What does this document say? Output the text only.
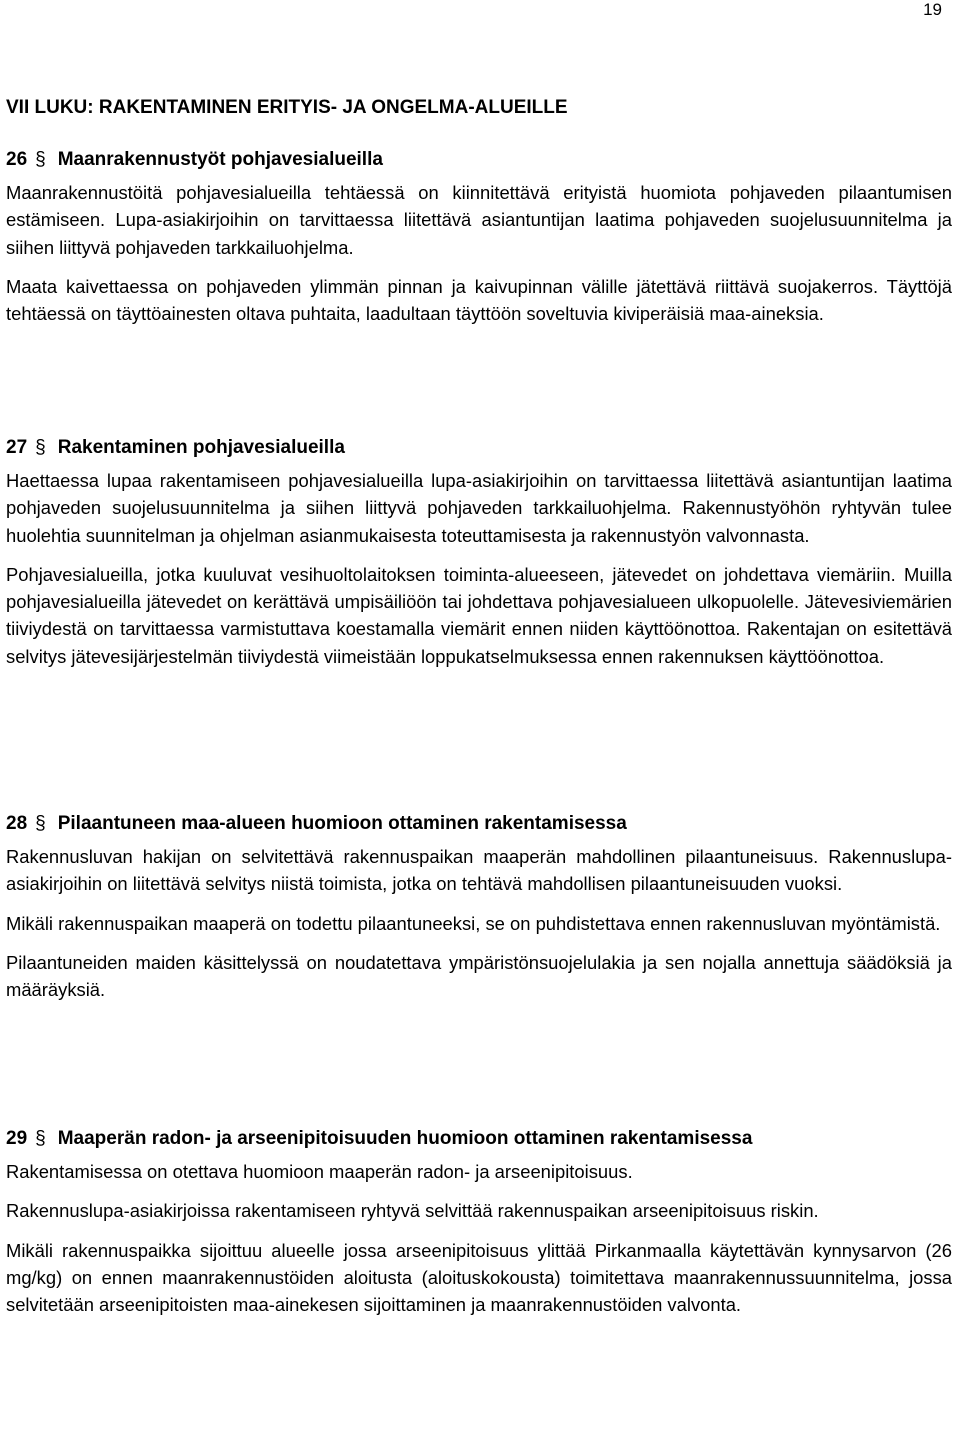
19
VII LUKU: RAKENTAMINEN ERITYIS- JA ONGELMA-ALUEILLE
26 § Maanrakennustyöt pohjavesialueilla

Maanrakennustöitä pohjavesialueilla tehtäessä on kiinnitettävä erityistä huomiota pohjaveden pilaantumisen estämiseen. Lupa-asiakirjoihin on tarvittaessa liitettävä asiantuntijan laatima pohjaveden suojelusuunnitelma ja siihen liittyvä pohjaveden tarkkailuohjelma.

Maata kaivettaessa on pohjaveden ylimmän pinnan ja kaivupinnan välille jätettävä riittävä suojakerros. Täyttöjä tehtäessä on täyttöainesten oltava puhtaita, laadultaan täyttöön soveltuvia kiviperäisiä maa-aineksia.

27 § Rakentaminen pohjavesialueilla

Haettaessa lupaa rakentamiseen pohjavesialueilla lupa-asiakirjoihin on tarvittaessa liitettävä asiantuntijan laatima pohjaveden suojelusuunnitelma ja siihen liittyvä pohjaveden tarkkailuohjelma. Rakennustyöhön ryhtyvän tulee huolehtia suunnitelman ja ohjelman asianmukaisesta toteuttamisesta ja rakennustyön valvonnasta.

Pohjavesialueilla, jotka kuuluvat vesihuoltolaitoksen toiminta-alueeseen, jätevedet on johdettava viemäriin. Muilla pohjavesialueilla jätevedet on kerättävä umpisäiliöön tai johdettava pohjavesialueen ulkopuolelle. Jätevesiviemärien tiiviydestä on tarvittaessa varmistuttava koestamalla viemärit ennen niiden käyttöönottoa. Rakentajan on esitettävä selvitys jätevesijärjestelmän tiiviydestä viimeistään loppukatselmuksessa ennen rakennuksen käyttöönottoa.

28 § Pilaantuneen maa-alueen huomioon ottaminen rakentamisessa

Rakennusluvan hakijan on selvitettävä rakennuspaikan maaperän mahdollinen pilaantuneisuus. Rakennuslupa-asiakirjoihin on liitettävä selvitys niistä toimista, jotka on tehtävä mahdollisen pilaantuneisuuden vuoksi.

Mikäli rakennuspaikan maaperä on todettu pilaantuneeksi, se on puhdistettava ennen rakennusluvan myöntämistä.

Pilaantuneiden maiden käsittelyssä on noudatettava ympäristönsuojelulakia ja sen nojalla annettuja säädöksiä ja määräyksiä.

29 § Maaperän radon- ja arseenipitoisuuden huomioon ottaminen rakentamisessa

Rakentamisessa on otettava huomioon maaperän radon- ja arseenipitoisuus.

Rakennuslupa-asiakirjoissa rakentamiseen ryhtyvä selvittää rakennuspaikan arseenipitoisuus riskin.

Mikäli rakennuspaikka sijoittuu alueelle jossa arseenipitoisuus ylittää Pirkanmaalla käytettävän kynnysarvon (26 mg/kg) on ennen maanrakennustöiden aloitusta (aloituskokousta) toimitettava maanrakennussuunnitelma, jossa selvitetään arseenipitoisten maa-ainekesen sijoittaminen ja maanrakennustöiden valvonta.
